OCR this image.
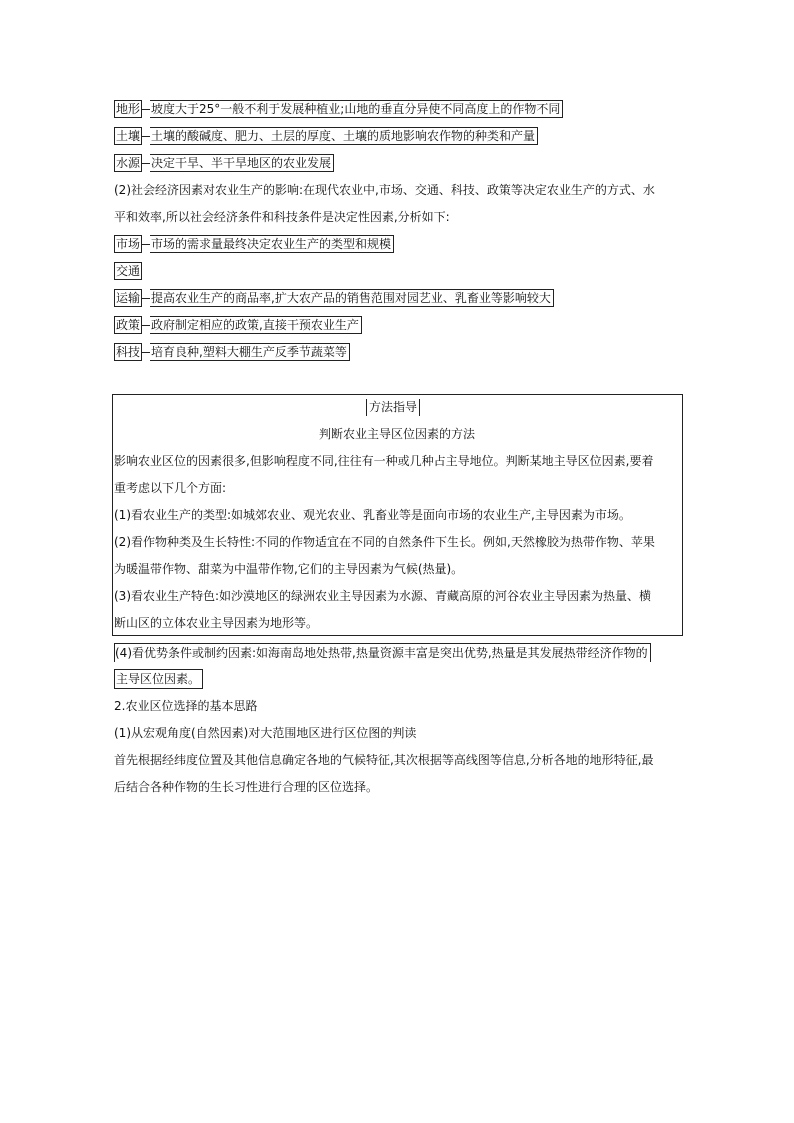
地形 坡度大于25°一般不利于发展种植业;山地的垂直分异使不同高度上的作物不同
土壤 土壤的酸碱度、肥力、土层的厚度、土壤的质地影响农作物的种类和产量
水源 决定干旱、半干旱地区的农业发展
(2)社会经济因素对农业生产的影响:在现代农业中,市场、交通、科技、政策等决定农业生产的方式、水
平和效率,所以社会经济条件和科技条件是决定性因素,分析如下:
市场 市场的需求量最终决定农业生产的类型和规模
交通
运输 提高农业生产的商品率,扩大农产品的销售范围对园艺业、乳畜业等影响较大
政策 政府制定相应的政策,直接干预农业生产
科技 培育良种,塑料大棚生产反季节蔬菜等
方法指导
判断农业主导区位因素的方法
影响农业区位的因素很多,但影响程度不同,往往有一种或几种占主导地位。判断某地主导区位因素,要着
重考虑以下几个方面:
(1)看农业生产的类型:如城郊农业、观光农业、乳畜业等是面向市场的农业生产,主导因素为市场。
(2)看作物种类及生长特性:不同的作物适宜在不同的自然条件下生长。例如,天然橡胶为热带作物、苹果
为暖温带作物、甜菜为中温带作物,它们的主导因素为气候(热量)。
(3)看农业生产特色:如沙漠地区的绿洲农业主导因素为水源、青藏高原的河谷农业主导因素为热量、横
断山区的立体农业主导因素为地形等。
(4)看优势条件或制约因素:如海南岛地处热带,热量资源丰富是突出优势,热量是其发展热带经济作物的
主导区位因素。
2.农业区位选择的基本思路
(1)从宏观角度(自然因素)对大范围地区进行区位图的判读
首先根据经纬度位置及其他信息确定各地的气候特征,其次根据等高线图等信息,分析各地的地形特征,最
后结合各种作物的生长习性进行合理的区位选择。
